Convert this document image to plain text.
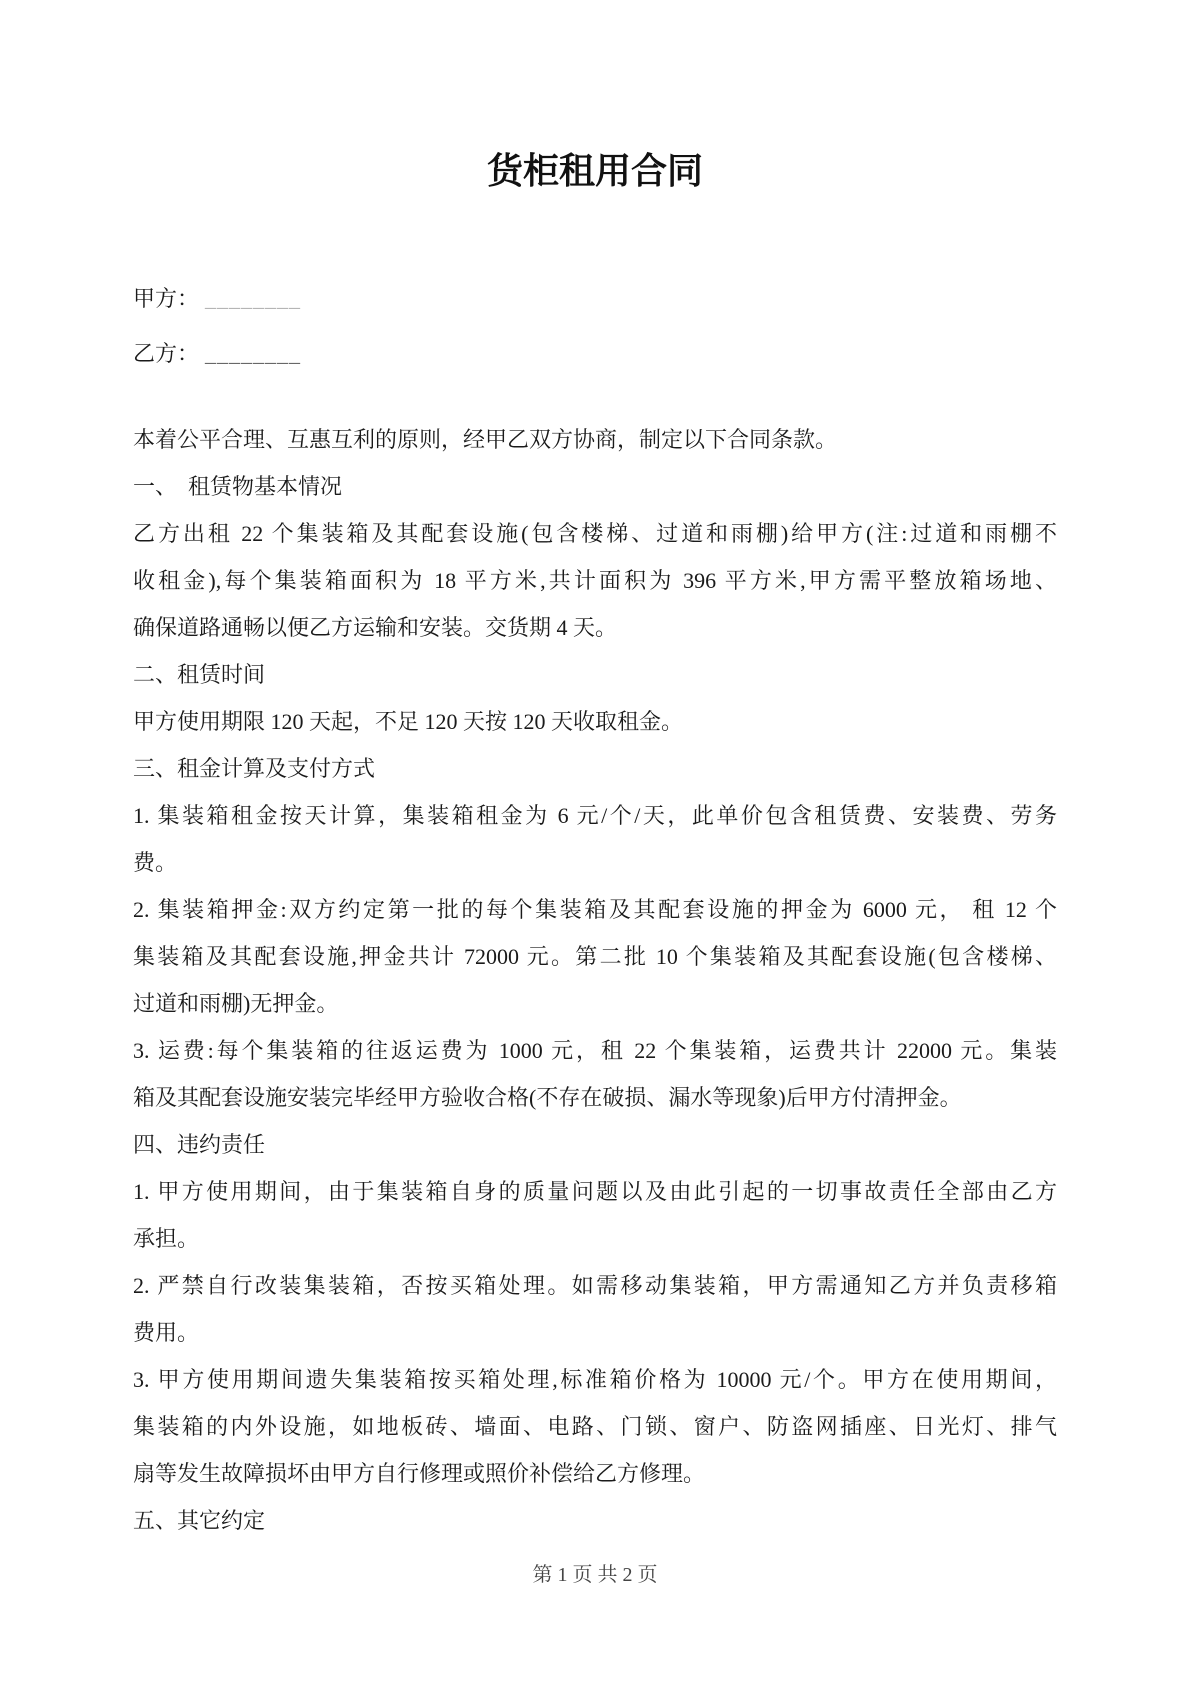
货柜租用合同
甲方： ________
乙方： ________
本着公平合理、互惠互利的原则，经甲乙双方协商，制定以下合同条款。
一、　租赁物基本情况
乙方出租 22 个集装箱及其配套设施(包含楼梯、过道和雨棚)给甲方(注:过道和雨棚不
收租金),每个集装箱面积为 18 平方米,共计面积为 396 平方米,甲方需平整放箱场地、
确保道路通畅以便乙方运输和安装。交货期 4 天。
二、租赁时间
甲方使用期限 120 天起，不足 120 天按 120 天收取租金。
三、租金计算及支付方式
1. 集装箱租金按天计算，集装箱租金为 6 元/个/天，此单价包含租赁费、安装费、劳务
费。
2. 集装箱押金:双方约定第一批的每个集装箱及其配套设施的押金为 6000 元， 租 12 个
集装箱及其配套设施,押金共计 72000 元。第二批 10 个集装箱及其配套设施(包含楼梯、
过道和雨棚)无押金。
3. 运费:每个集装箱的往返运费为 1000 元，租 22 个集装箱，运费共计 22000 元。集装
箱及其配套设施安装完毕经甲方验收合格(不存在破损、漏水等现象)后甲方付清押金。
四、违约责任
1. 甲方使用期间，由于集装箱自身的质量问题以及由此引起的一切事故责任全部由乙方
承担。
2. 严禁自行改装集装箱，否按买箱处理。如需移动集装箱，甲方需通知乙方并负责移箱
费用。
3. 甲方使用期间遗失集装箱按买箱处理,标准箱价格为 10000 元/个。甲方在使用期间，
集装箱的内外设施，如地板砖、墙面、电路、门锁、窗户、防盗网插座、日光灯、排气
扇等发生故障损坏由甲方自行修理或照价补偿给乙方修理。
五、其它约定
第 1 页 共 2 页
